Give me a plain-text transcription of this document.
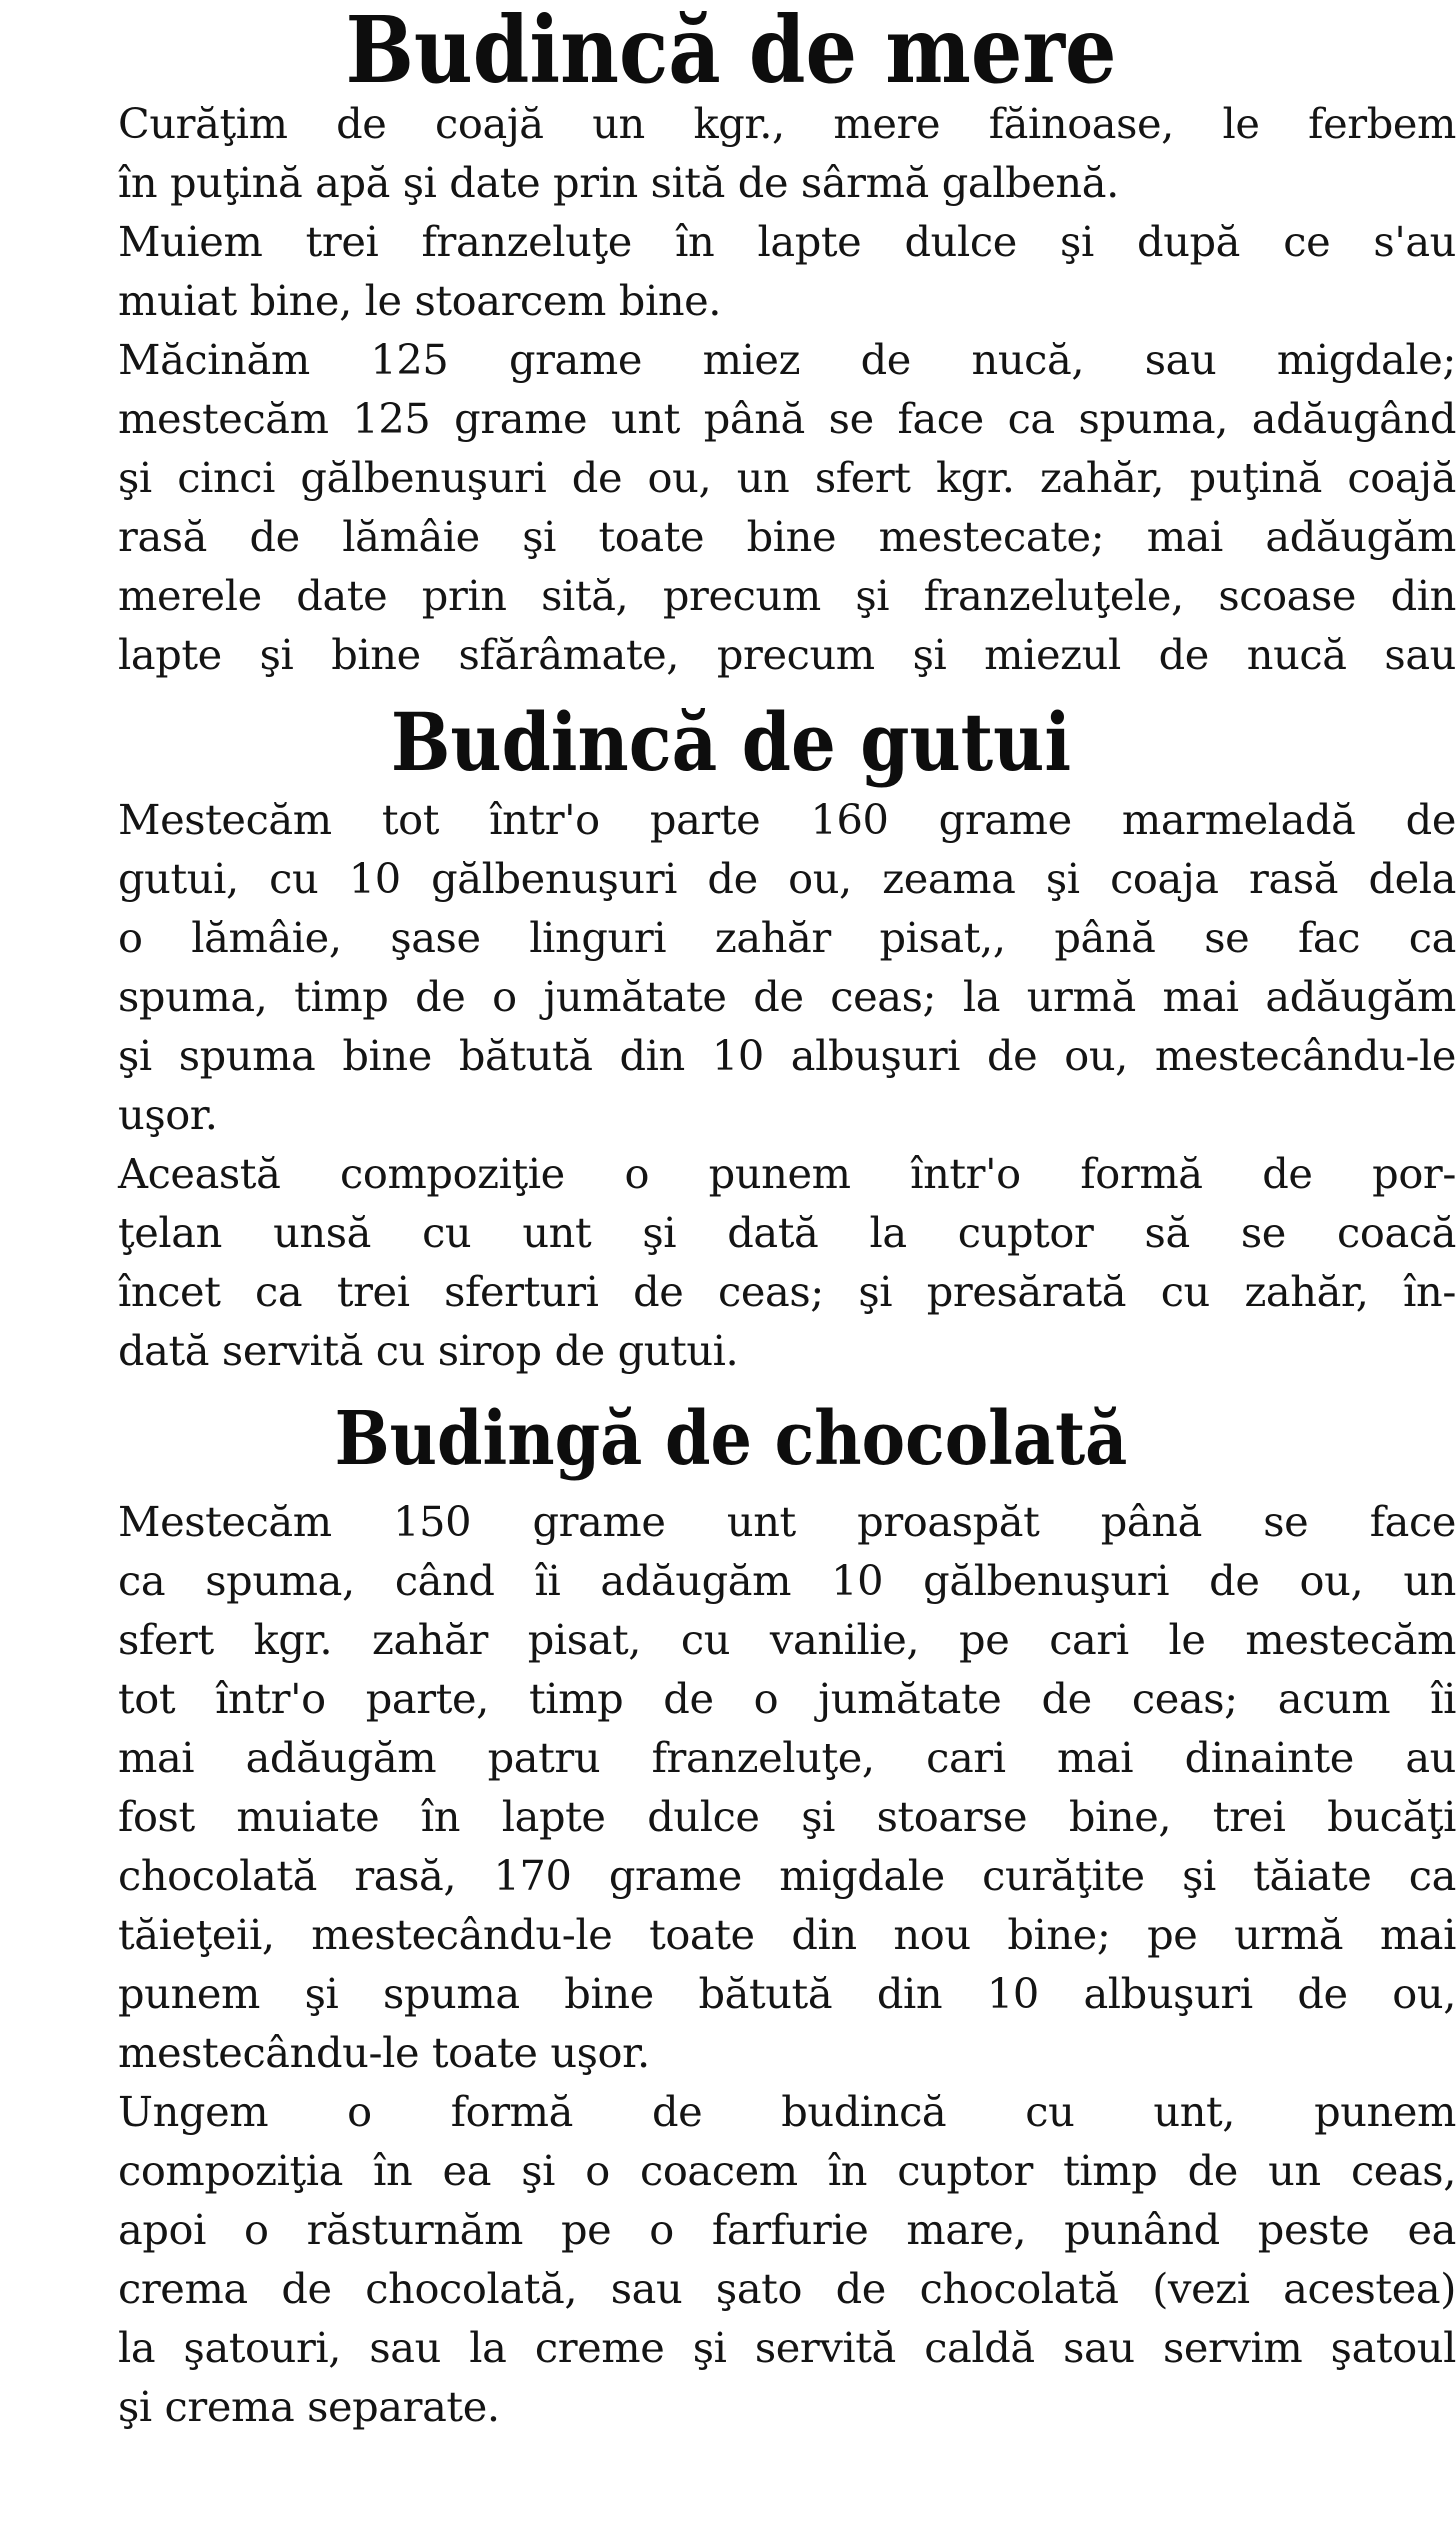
Budincă de mere

Curăţim de coajă un kgr., mere făinoase, le ferbem
în puţină apă şi date prin sită de sârmă galbenă.

Muiem trei franzeluţe în lapte dulce şi după ce s'au
muiat bine, le stoarcem bine.

Măcinăm 125 grame miez de nucă, sau migdale;
mestecăm 125 grame unt până se face ca spuma, adăugând
şi cinci gălbenuşuri de ou, un sfert kgr. zahăr, puţină coajă
rasă de lămâie şi toate bine mestecate; mai adăugăm
merele date prin sită, precum şi franzeluţele, scoase din
lapte şi bine sfărâmate, precum şi miezul de nucă sau

Budincă de gutui

Mestecăm tot într'o parte 160 grame marmeladă de
gutui, cu 10 gălbenuşuri de ou, zeama şi coaja rasă dela
o lămâie, şase linguri zahăr pisat,, până se fac ca
spuma, timp de o jumătate de ceas; la urmă mai adăugăm
şi spuma bine bătută din 10 albuşuri de ou, mestecându-le
uşor.

Această compoziţie o punem într'o formă de por-
ţelan unsă cu unt şi dată la cuptor să se coacă
încet ca trei sferturi de ceas; şi presărată cu zahăr, în-
dată servită cu sirop de gutui.

Budingă de chocolată

Mestecăm 150 grame unt proaspăt până se face
ca spuma, când îi adăugăm 10 gălbenuşuri de ou, un
sfert kgr. zahăr pisat, cu vanilie, pe cari le mestecăm
tot într'o parte, timp de o jumătate de ceas; acum îi
mai adăugăm patru franzeluţe, cari mai dinainte au
fost muiate în lapte dulce şi stoarse bine, trei bucăţi
chocolată rasă, 170 grame migdale curăţite şi tăiate ca
tăieţeii, mestecându-le toate din nou bine; pe urmă mai
punem şi spuma bine bătută din 10 albuşuri de ou,
mestecându-le toate uşor.

Ungem o formă de budincă cu unt, punem
compoziţia în ea şi o coacem în cuptor timp de un ceas,
apoi o răsturnăm pe o farfurie mare, punând peste ea
crema de chocolată, sau şato de chocolată (vezi acestea)
la şatouri, sau la creme şi servită caldă sau servim şatoul
şi crema separate.
